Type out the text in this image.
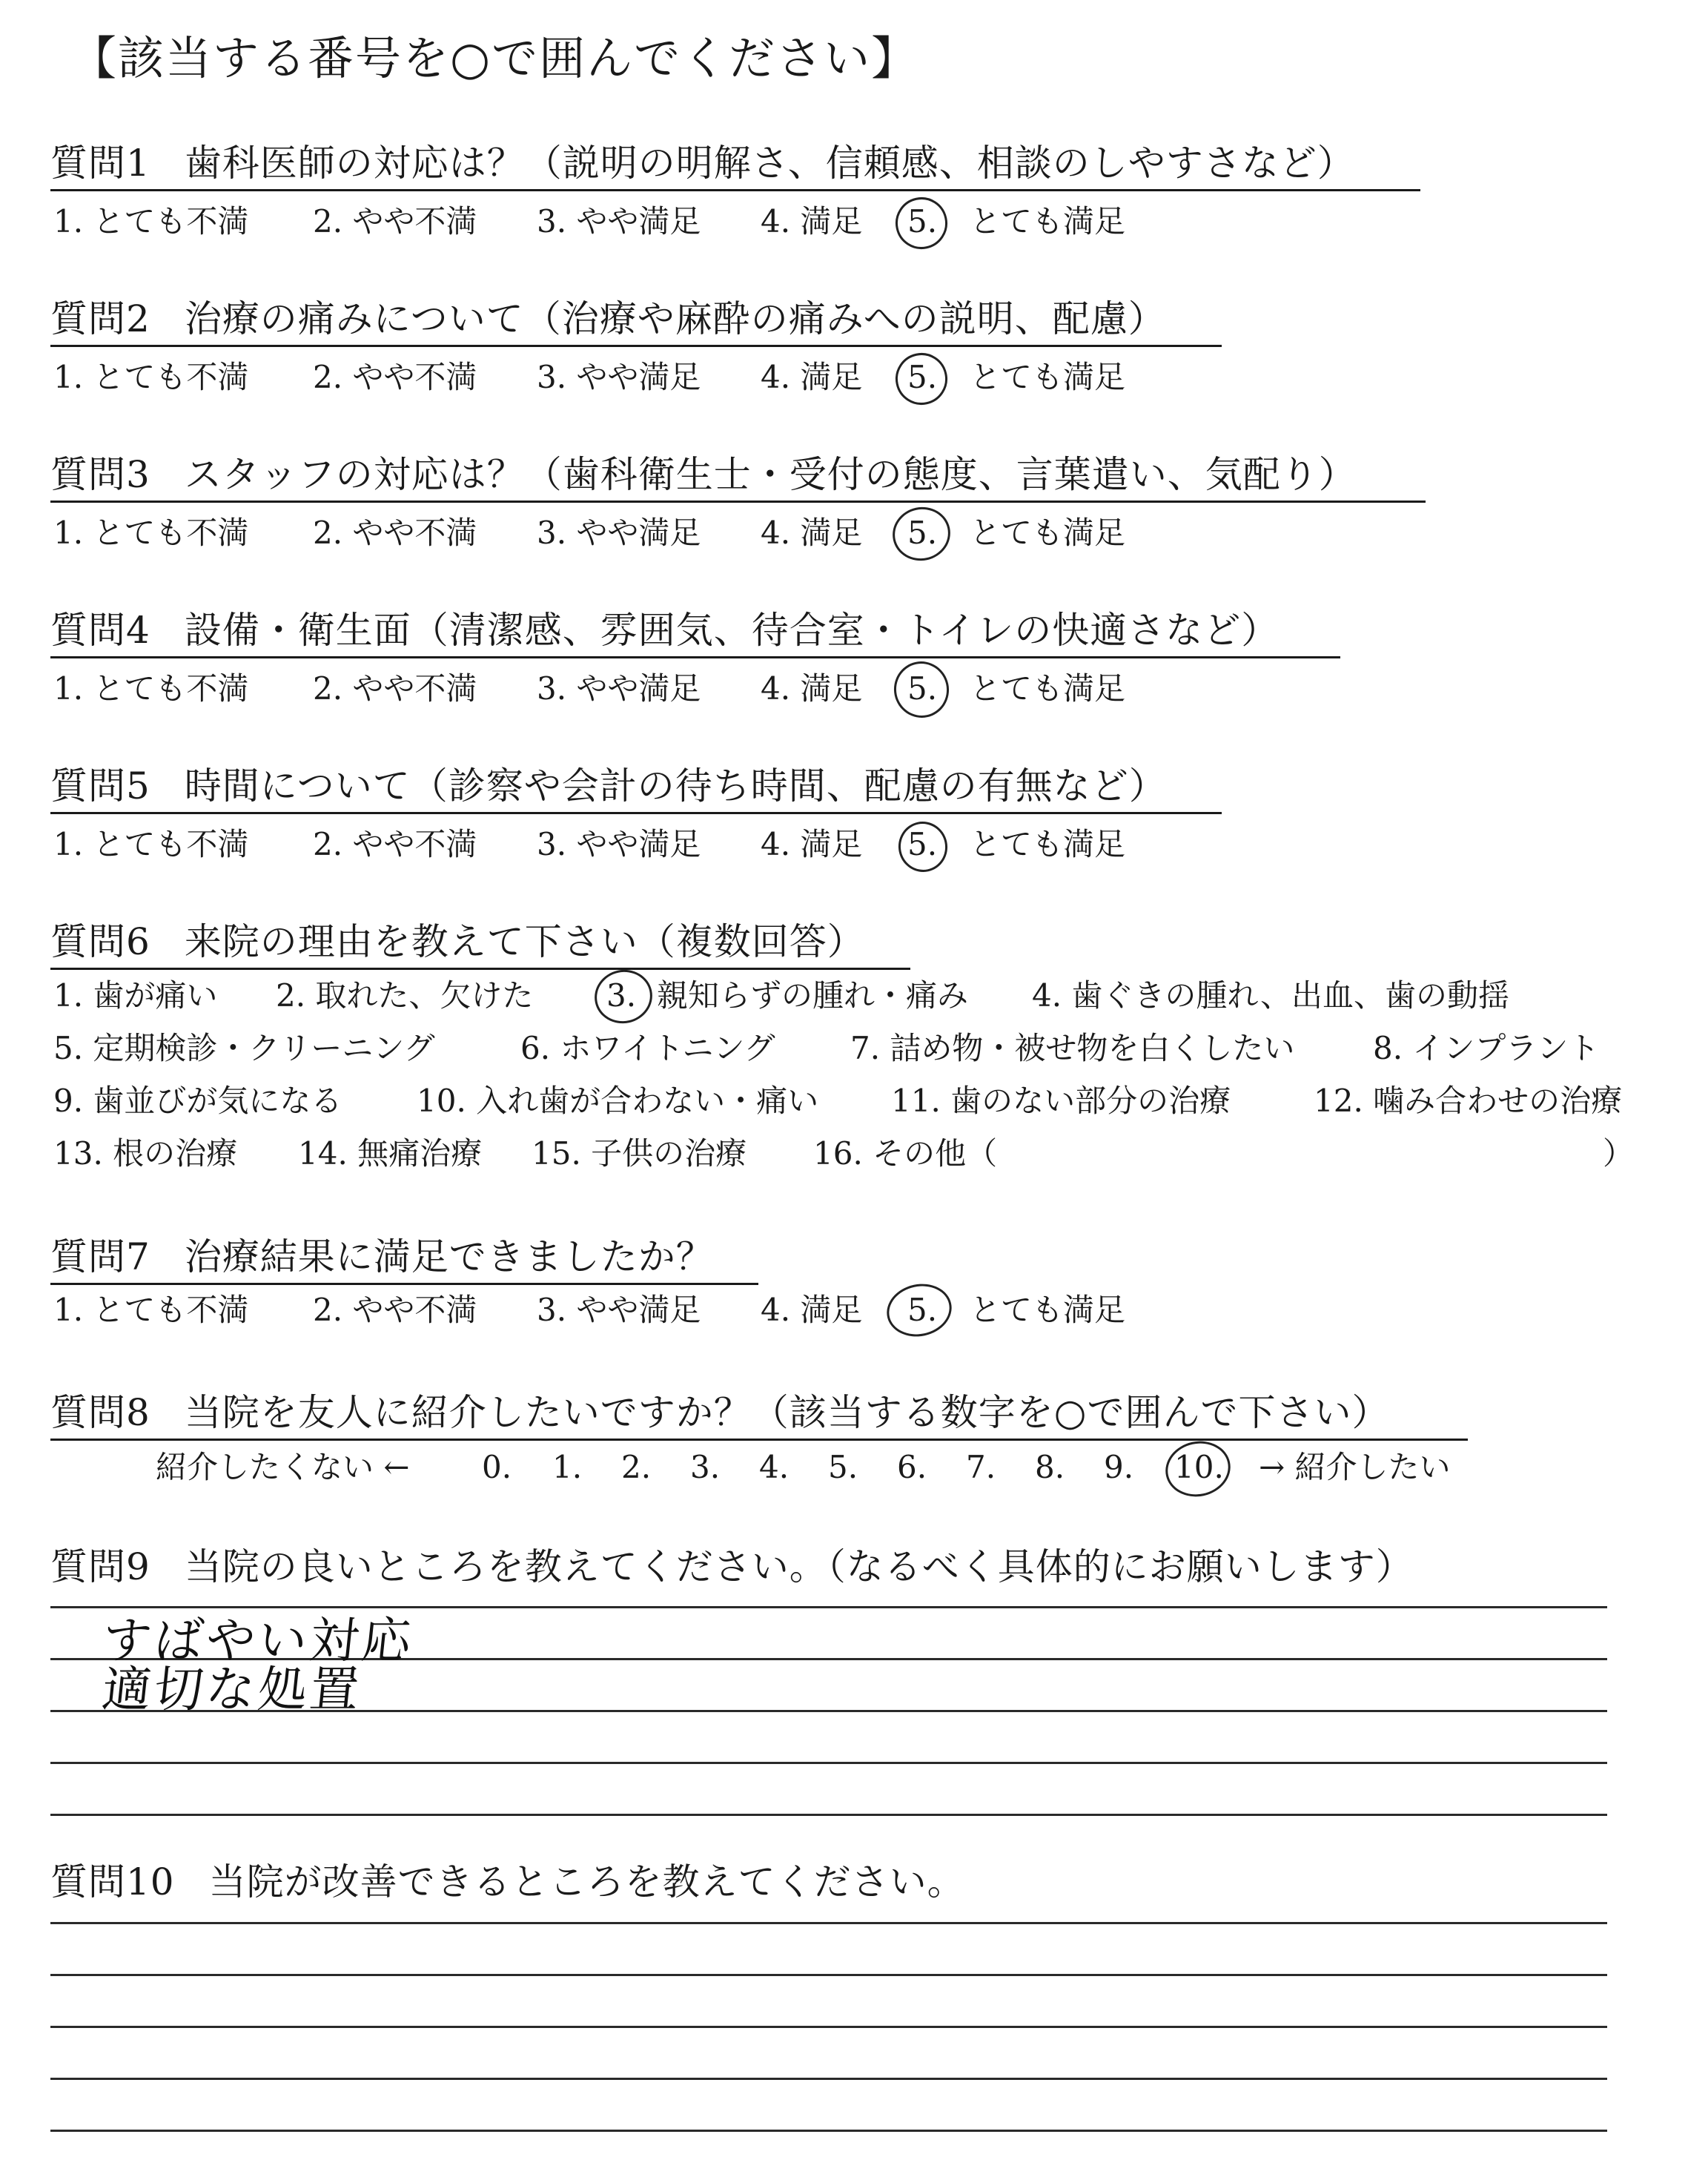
【該当する番号を○で囲んでください】
質問1 歯科医師の対応は？（説明の明解さ、信頼感、相談のしやすさなど）
1. とても不満 2. やや不満 3. やや満足 4. 満足 5. とても満足
質問2 治療の痛みについて（治療や麻酔の痛みへの説明、配慮）
1. とても不満 2. やや不満 3. やや満足 4. 満足 5. とても満足
質問3 スタッフの対応は？（歯科衛生士・受付の態度、言葉遣い、気配り）
1. とても不満 2. やや不満 3. やや満足 4. 満足 5. とても満足
質問4 設備・衛生面（清潔感、雰囲気、待合室・トイレの快適さなど）
1. とても不満 2. やや不満 3. やや満足 4. 満足 5. とても満足
質問5 時間について（診察や会計の待ち時間、配慮の有無など）
1. とても不満 2. やや不満 3. やや満足 4. 満足 5. とても満足
質問6 来院の理由を教えて下さい（複数回答）
1. 歯が痛い 2. 取れた、欠けた 3. 親知らずの腫れ・痛み 4. 歯ぐきの腫れ、出血、歯の動揺
5. 定期検診・クリーニング	6. ホワイトニング 7. 詰め物・被せ物を白くしたい	8. インプラント
9. 歯並びが気になる 10. 入れ歯が合わない・痛い 11. 歯のない部分の治療	12. 噛み合わせの治療
13. 根の治療 14. 無痛治療 15. 子供の治療 16. その他（	）
質問7 治療結果に満足できましたか？
1. とても不満 2. やや不満 3. やや満足 4. 満足 5. とても満足
質問8 当院を友人に紹介したいですか？（該当する数字を○で囲んで下さい）
紹介したくない ← 0. 1. 2. 3. 4. 5. 6. 7. 8. 9. 10. → 紹介したい
質問9 当院の良いところを教えてください。（なるべく具体的にお願いします）
すばやい対応
適切な処置
質問10 当院が改善できるところを教えてください。
